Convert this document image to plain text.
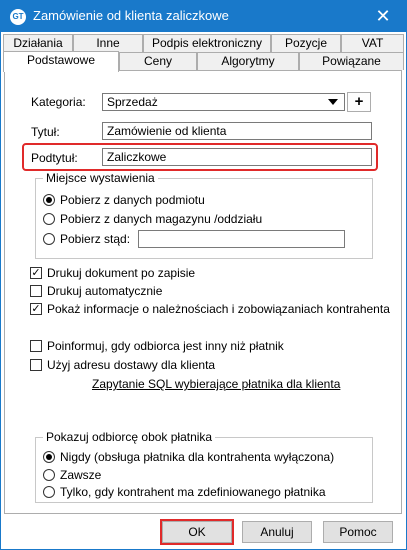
GT Zamówienie od klienta zaliczkowe	✕
Działania	Inne	Podpis elektroniczny	Pozycje	VAT
Podstawowe	Ceny	Algorytmy	Powiązane
Kategoria:	Sprzedaż	+
Tytuł:	Zamówienie od klienta
Podtytuł:	Zaliczkowe
Miejsce wystawienia
Pobierz z danych podmiotu
Pobierz z danych magazynu /oddziału
Pobierz stąd:
✓ Drukuj dokument po zapisie
Drukuj automatycznie
✓ Pokaż informacje o należnościach i zobowiązaniach kontrahenta
Poinformuj, gdy odbiorca jest inny niż płatnik
Użyj adresu dostawy dla klienta
Zapytanie SQL wybierające płatnika dla klienta
Pokazuj odbiorcę obok płatnika
Nigdy (obsługa płatnika dla kontrahenta wyłączona)
Zawsze
Tylko, gdy kontrahent ma zdefiniowanego płatnika
OK	Anuluj	Pomoc
